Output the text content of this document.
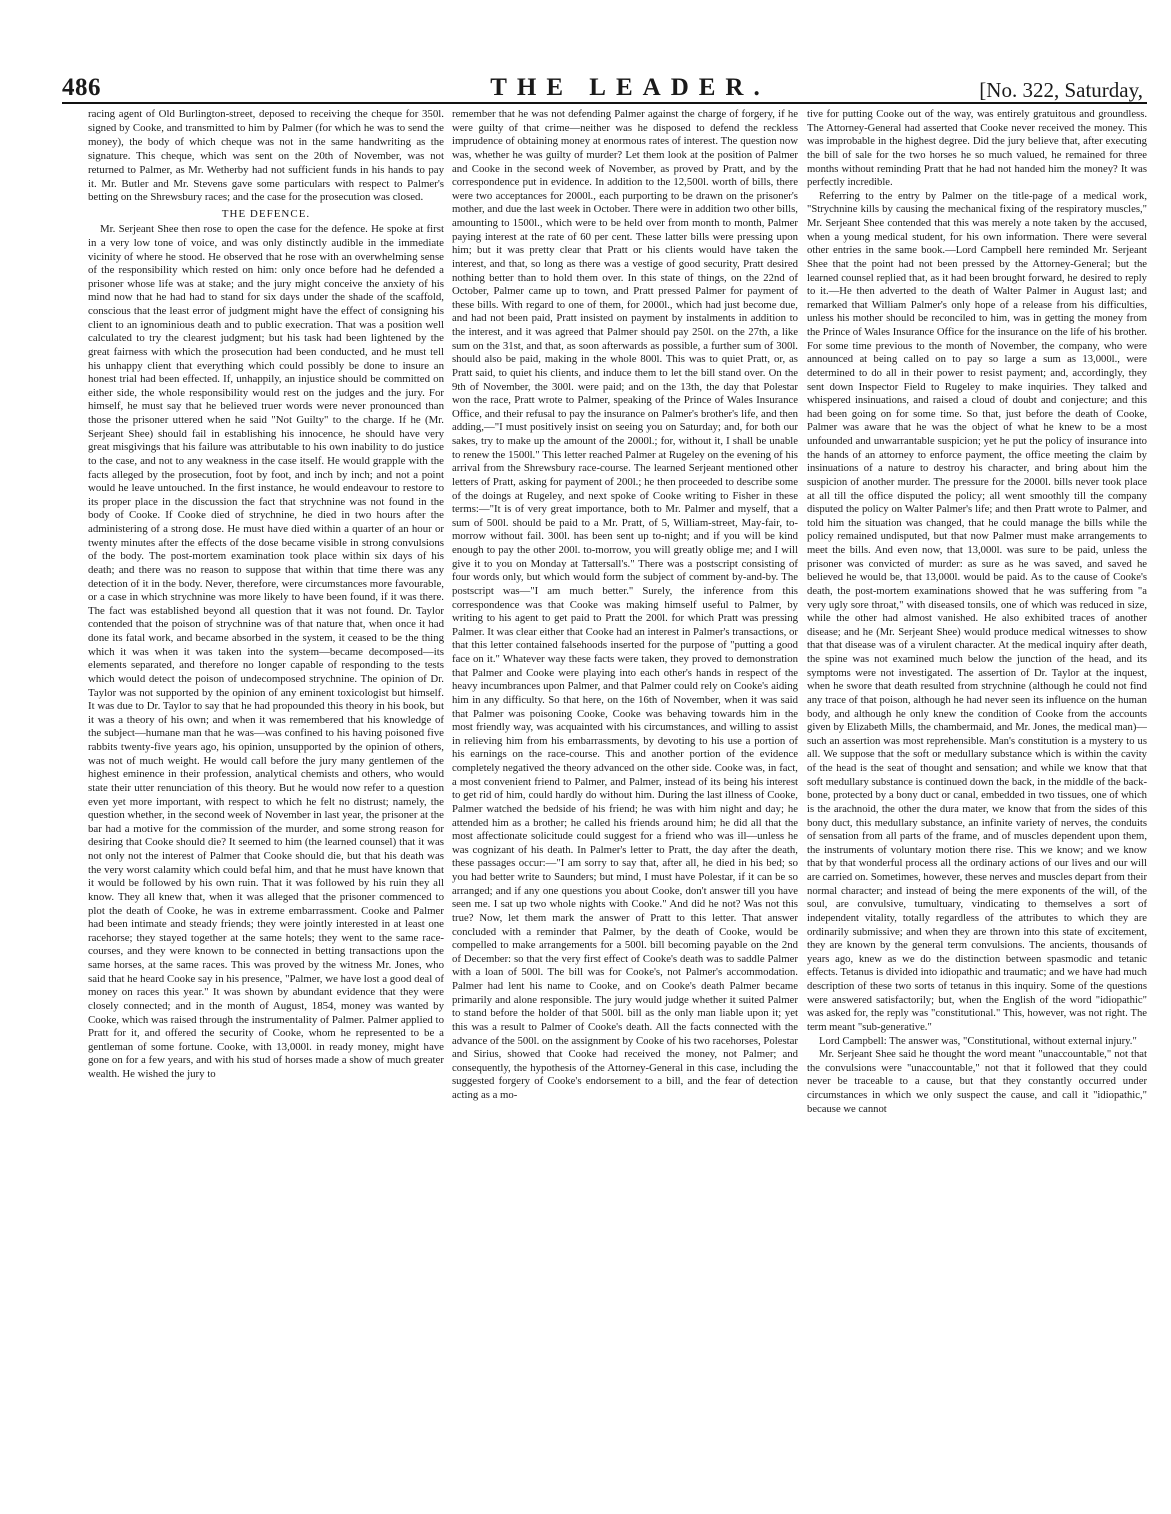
486	THE LEADER.	[No. 322, Saturday,

racing agent of Old Burlington-street, deposed to receiving the cheque for 350l. signed by Cooke, and transmitted to him by Palmer (for which he was to send the money), the body of which cheque was not in the same handwriting as the signature. This cheque, which was sent on the 20th of November, was not returned to Palmer, as Mr. Wetherby had not sufficient funds in his hands to pay it. Mr. Butler and Mr. Stevens gave some particulars with respect to Palmer's betting on the Shrewsbury races; and the case for the prosecution was closed.

THE DEFENCE.

Mr. Serjeant Shee then rose to open the case for the defence. He spoke at first in a very low tone of voice, and was only distinctly audible in the immediate vicinity of where he stood. He observed that he rose with an overwhelming sense of the responsibility which rested on him: only once before had he defended a prisoner whose life was at stake; and the jury might conceive the anxiety of his mind now that he had had to stand for six days under the shade of the scaffold, conscious that the least error of judgment might have the effect of consigning his client to an ignominious death and to public execration. That was a position well calculated to try the clearest judgment; but his task had been lightened by the great fairness with which the prosecution had been conducted, and he must tell his unhappy client that everything which could possibly be done to insure an honest trial had been effected. If, unhappily, an injustice should be committed on either side, the whole responsibility would rest on the judges and the jury. For himself, he must say that he believed truer words were never pronounced than those the prisoner uttered when he said "Not Guilty" to the charge. If he (Mr. Serjeant Shee) should fail in establishing his innocence, he should have very great misgivings that his failure was attributable to his own inability to do justice to the case, and not to any weakness in the case itself. He would grapple with the facts alleged by the prosecution, foot by foot, and inch by inch; and not a point would he leave untouched. In the first instance, he would endeavour to restore to its proper place in the discussion the fact that strychnine was not found in the body of Cooke. If Cooke died of strychnine, he died in two hours after the administering of a strong dose. He must have died within a quarter of an hour or twenty minutes after the effects of the dose became visible in strong convulsions of the body. The post-mortem examination took place within six days of his death; and there was no reason to suppose that within that time there was any detection of it in the body. Never, therefore, were circumstances more favourable, or a case in which strychnine was more likely to have been found, if it was there. The fact was established beyond all question that it was not found. Dr. Taylor contended that the poison of strychnine was of that nature that, when once it had done its fatal work, and became absorbed in the system, it ceased to be the thing which it was when it was taken into the system—became decomposed—its elements separated, and therefore no longer capable of responding to the tests which would detect the poison of undecomposed strychnine. The opinion of Dr. Taylor was not supported by the opinion of any eminent toxicologist but himself. It was due to Dr. Taylor to say that he had propounded this theory in his book, but it was a theory of his own; and when it was remembered that his knowledge of the subject—humane man that he was—was confined to his having poisoned five rabbits twenty-five years ago, his opinion, unsupported by the opinion of others, was not of much weight. He would call before the jury many gentlemen of the highest eminence in their profession, analytical chemists and others, who would state their utter renunciation of this theory. But he would now refer to a question even yet more important, with respect to which he felt no distrust; namely, the question whether, in the second week of November in last year, the prisoner at the bar had a motive for the commission of the murder, and some strong reason for desiring that Cooke should die? It seemed to him (the learned counsel) that it was not only not the interest of Palmer that Cooke should die, but that his death was the very worst calamity which could befal him, and that he must have known that it would be followed by his own ruin. That it was followed by his ruin they all know. They all knew that, when it was alleged that the prisoner commenced to plot the death of Cooke, he was in extreme embarrassment. Cooke and Palmer had been intimate and steady friends; they were jointly interested in at least one racehorse; they stayed together at the same hotels; they went to the same race-courses, and they were known to be connected in betting transactions upon the same horses, at the same races. This was proved by the witness Mr. Jones, who said that he heard Cooke say in his presence, "Palmer, we have lost a good deal of money on races this year." It was shown by abundant evidence that they were closely connected; and in the month of August, 1854, money was wanted by Cooke, which was raised through the instrumentality of Palmer. Palmer applied to Pratt for it, and offered the security of Cooke, whom he represented to be a gentleman of some fortune. Cooke, with 13,000l. in ready money, might have gone on for a few years, and with his stud of horses made a show of much greater wealth. He wished the jury to

remember that he was not defending Palmer against the charge of forgery, if he were guilty of that crime—neither was he disposed to defend the reckless imprudence of obtaining money at enormous rates of interest. The question now was, whether he was guilty of murder? Let them look at the position of Palmer and Cooke in the second week of November, as proved by Pratt, and by the correspondence put in evidence. In addition to the 12,500l. worth of bills, there were two acceptances for 2000l., each purporting to be drawn on the prisoner's mother, and due the last week in October. There were in addition two other bills, amounting to 1500l., which were to be held over from month to month, Palmer paying interest at the rate of 60 per cent. These latter bills were pressing upon him; but it was pretty clear that Pratt or his clients would have taken the interest, and that, so long as there was a vestige of good security, Pratt desired nothing better than to hold them over. In this state of things, on the 22nd of October, Palmer came up to town, and Pratt pressed Palmer for payment of these bills. With regard to one of them, for 2000l., which had just become due, and had not been paid, Pratt insisted on payment by instalments in addition to the interest, and it was agreed that Palmer should pay 250l. on the 27th, a like sum on the 31st, and that, as soon afterwards as possible, a further sum of 300l. should also be paid, making in the whole 800l. This was to quiet Pratt, or, as Pratt said, to quiet his clients, and induce them to let the bill stand over. On the 9th of November, the 300l. were paid; and on the 13th, the day that Polestar won the race, Pratt wrote to Palmer, speaking of the Prince of Wales Insurance Office, and their refusal to pay the insurance on Palmer's brother's life, and then adding,—"I must positively insist on seeing you on Saturday; and, for both our sakes, try to make up the amount of the 2000l.; for, without it, I shall be unable to renew the 1500l." This letter reached Palmer at Rugeley on the evening of his arrival from the Shrewsbury race-course. The learned Serjeant mentioned other letters of Pratt, asking for payment of 200l.; he then proceeded to describe some of the doings at Rugeley, and next spoke of Cooke writing to Fisher in these terms:—"It is of very great importance, both to Mr. Palmer and myself, that a sum of 500l. should be paid to a Mr. Pratt, of 5, William-street, May-fair, to-morrow without fail. 300l. has been sent up to-night; and if you will be kind enough to pay the other 200l. to-morrow, you will greatly oblige me; and I will give it to you on Monday at Tattersall's." There was a postscript consisting of four words only, but which would form the subject of comment by-and-by. The postscript was—"I am much better." Surely, the inference from this correspondence was that Cooke was making himself useful to Palmer, by writing to his agent to get paid to Pratt the 200l. for which Pratt was pressing Palmer. It was clear either that Cooke had an interest in Palmer's transactions, or that this letter contained falsehoods inserted for the purpose of "putting a good face on it." Whatever way these facts were taken, they proved to demonstration that Palmer and Cooke were playing into each other's hands in respect of the heavy incumbrances upon Palmer, and that Palmer could rely on Cooke's aiding him in any difficulty. So that here, on the 16th of November, when it was said that Palmer was poisoning Cooke, Cooke was behaving towards him in the most friendly way, was acquainted with his circumstances, and willing to assist in relieving him from his embarrassments, by devoting to his use a portion of his earnings on the race-course. This and another portion of the evidence completely negatived the theory advanced on the other side. Cooke was, in fact, a most convenient friend to Palmer, and Palmer, instead of its being his interest to get rid of him, could hardly do without him. During the last illness of Cooke, Palmer watched the bedside of his friend; he was with him night and day; he attended him as a brother; he called his friends around him; he did all that the most affectionate solicitude could suggest for a friend who was ill—unless he was cognizant of his death. In Palmer's letter to Pratt, the day after the death, these passages occur:—"I am sorry to say that, after all, he died in his bed; so you had better write to Saunders; but mind, I must have Polestar, if it can be so arranged; and if any one questions you about Cooke, don't answer till you have seen me. I sat up two whole nights with Cooke." And did he not? Was not this true? Now, let them mark the answer of Pratt to this letter. That answer concluded with a reminder that Palmer, by the death of Cooke, would be compelled to make arrangements for a 500l. bill becoming payable on the 2nd of December: so that the very first effect of Cooke's death was to saddle Palmer with a loan of 500l. The bill was for Cooke's, not Palmer's accommodation. Palmer had lent his name to Cooke, and on Cooke's death Palmer became primarily and alone responsible. The jury would judge whether it suited Palmer to stand before the holder of that 500l. bill as the only man liable upon it; yet this was a result to Palmer of Cooke's death. All the facts connected with the advance of the 500l. on the assignment by Cooke of his two racehorses, Polestar and Sirius, showed that Cooke had received the money, not Palmer; and consequently, the hypothesis of the Attorney-General in this case, including the suggested forgery of Cooke's endorsement to a bill, and the fear of detection acting as a mo-

tive for putting Cooke out of the way, was entirely gratuitous and groundless. The Attorney-General had asserted that Cooke never received the money. This was improbable in the highest degree. Did the jury believe that, after executing the bill of sale for the two horses he so much valued, he remained for three months without reminding Pratt that he had not handed him the money? It was perfectly incredible.

Referring to the entry by Palmer on the title-page of a medical work, "Strychnine kills by causing the mechanical fixing of the respiratory muscles," Mr. Serjeant Shee contended that this was merely a note taken by the accused, when a young medical student, for his own information. There were several other entries in the same book.—Lord Campbell here reminded Mr. Serjeant Shee that the point had not been pressed by the Attorney-General; but the learned counsel replied that, as it had been brought forward, he desired to reply to it.—He then adverted to the death of Walter Palmer in August last; and remarked that William Palmer's only hope of a release from his difficulties, unless his mother should be reconciled to him, was in getting the money from the Prince of Wales Insurance Office for the insurance on the life of his brother. For some time previous to the month of November, the company, who were announced at being called on to pay so large a sum as 13,000l., were determined to do all in their power to resist payment; and, accordingly, they sent down Inspector Field to Rugeley to make inquiries. They talked and whispered insinuations, and raised a cloud of doubt and conjecture; and this had been going on for some time. So that, just before the death of Cooke, Palmer was aware that he was the object of what he knew to be a most unfounded and unwarrantable suspicion; yet he put the policy of insurance into the hands of an attorney to enforce payment, the office meeting the claim by insinuations of a nature to destroy his character, and bring about him the suspicion of another murder. The pressure for the 2000l. bills never took place at all till the office disputed the policy; all went smoothly till the company disputed the policy on Walter Palmer's life; and then Pratt wrote to Palmer, and told him the situation was changed, that he could manage the bills while the policy remained undisputed, but that now Palmer must make arrangements to meet the bills. And even now, that 13,000l. was sure to be paid, unless the prisoner was convicted of murder: as sure as he was saved, and saved he believed he would be, that 13,000l. would be paid. As to the cause of Cooke's death, the post-mortem examinations showed that he was suffering from "a very ugly sore throat," with diseased tonsils, one of which was reduced in size, while the other had almost vanished. He also exhibited traces of another disease; and he (Mr. Serjeant Shee) would produce medical witnesses to show that that disease was of a virulent character. At the medical inquiry after death, the spine was not examined much below the junction of the head, and its symptoms were not investigated. The assertion of Dr. Taylor at the inquest, when he swore that death resulted from strychnine (although he could not find any trace of that poison, although he had never seen its influence on the human body, and although he only knew the condition of Cooke from the accounts given by Elizabeth Mills, the chambermaid, and Mr. Jones, the medical man)—such an assertion was most reprehensible. Man's constitution is a mystery to us all. We suppose that the soft or medullary substance which is within the cavity of the head is the seat of thought and sensation; and while we know that that soft medullary substance is continued down the back, in the middle of the back-bone, protected by a bony duct or canal, embedded in two tissues, one of which is the arachnoid, the other the dura mater, we know that from the sides of this bony duct, this medullary substance, an infinite variety of nerves, the conduits of sensation from all parts of the frame, and of muscles dependent upon them, the instruments of voluntary motion there rise. This we know; and we know that by that wonderful process all the ordinary actions of our lives and our will are carried on. Sometimes, however, these nerves and muscles depart from their normal character; and instead of being the mere exponents of the will, of the soul, are convulsive, tumultuary, vindicating to themselves a sort of independent vitality, totally regardless of the attributes to which they are ordinarily submissive; and when they are thrown into this state of excitement, they are known by the general term convulsions. The ancients, thousands of years ago, knew as we do the distinction between spasmodic and tetanic effects. Tetanus is divided into idiopathic and traumatic; and we have had much description of these two sorts of tetanus in this inquiry. Some of the questions were answered satisfactorily; but, when the English of the word "idiopathic" was asked for, the reply was "constitutional." This, however, was not right. The term meant "sub-generative."

Lord Campbell: The answer was, "Constitutional, without external injury."

Mr. Serjeant Shee said he thought the word meant "unaccountable," not that the convulsions were "unaccountable," not that it followed that they could never be traceable to a cause, but that they constantly occurred under circumstances in which we only suspect the cause, and call it "idiopathic," because we cannot
